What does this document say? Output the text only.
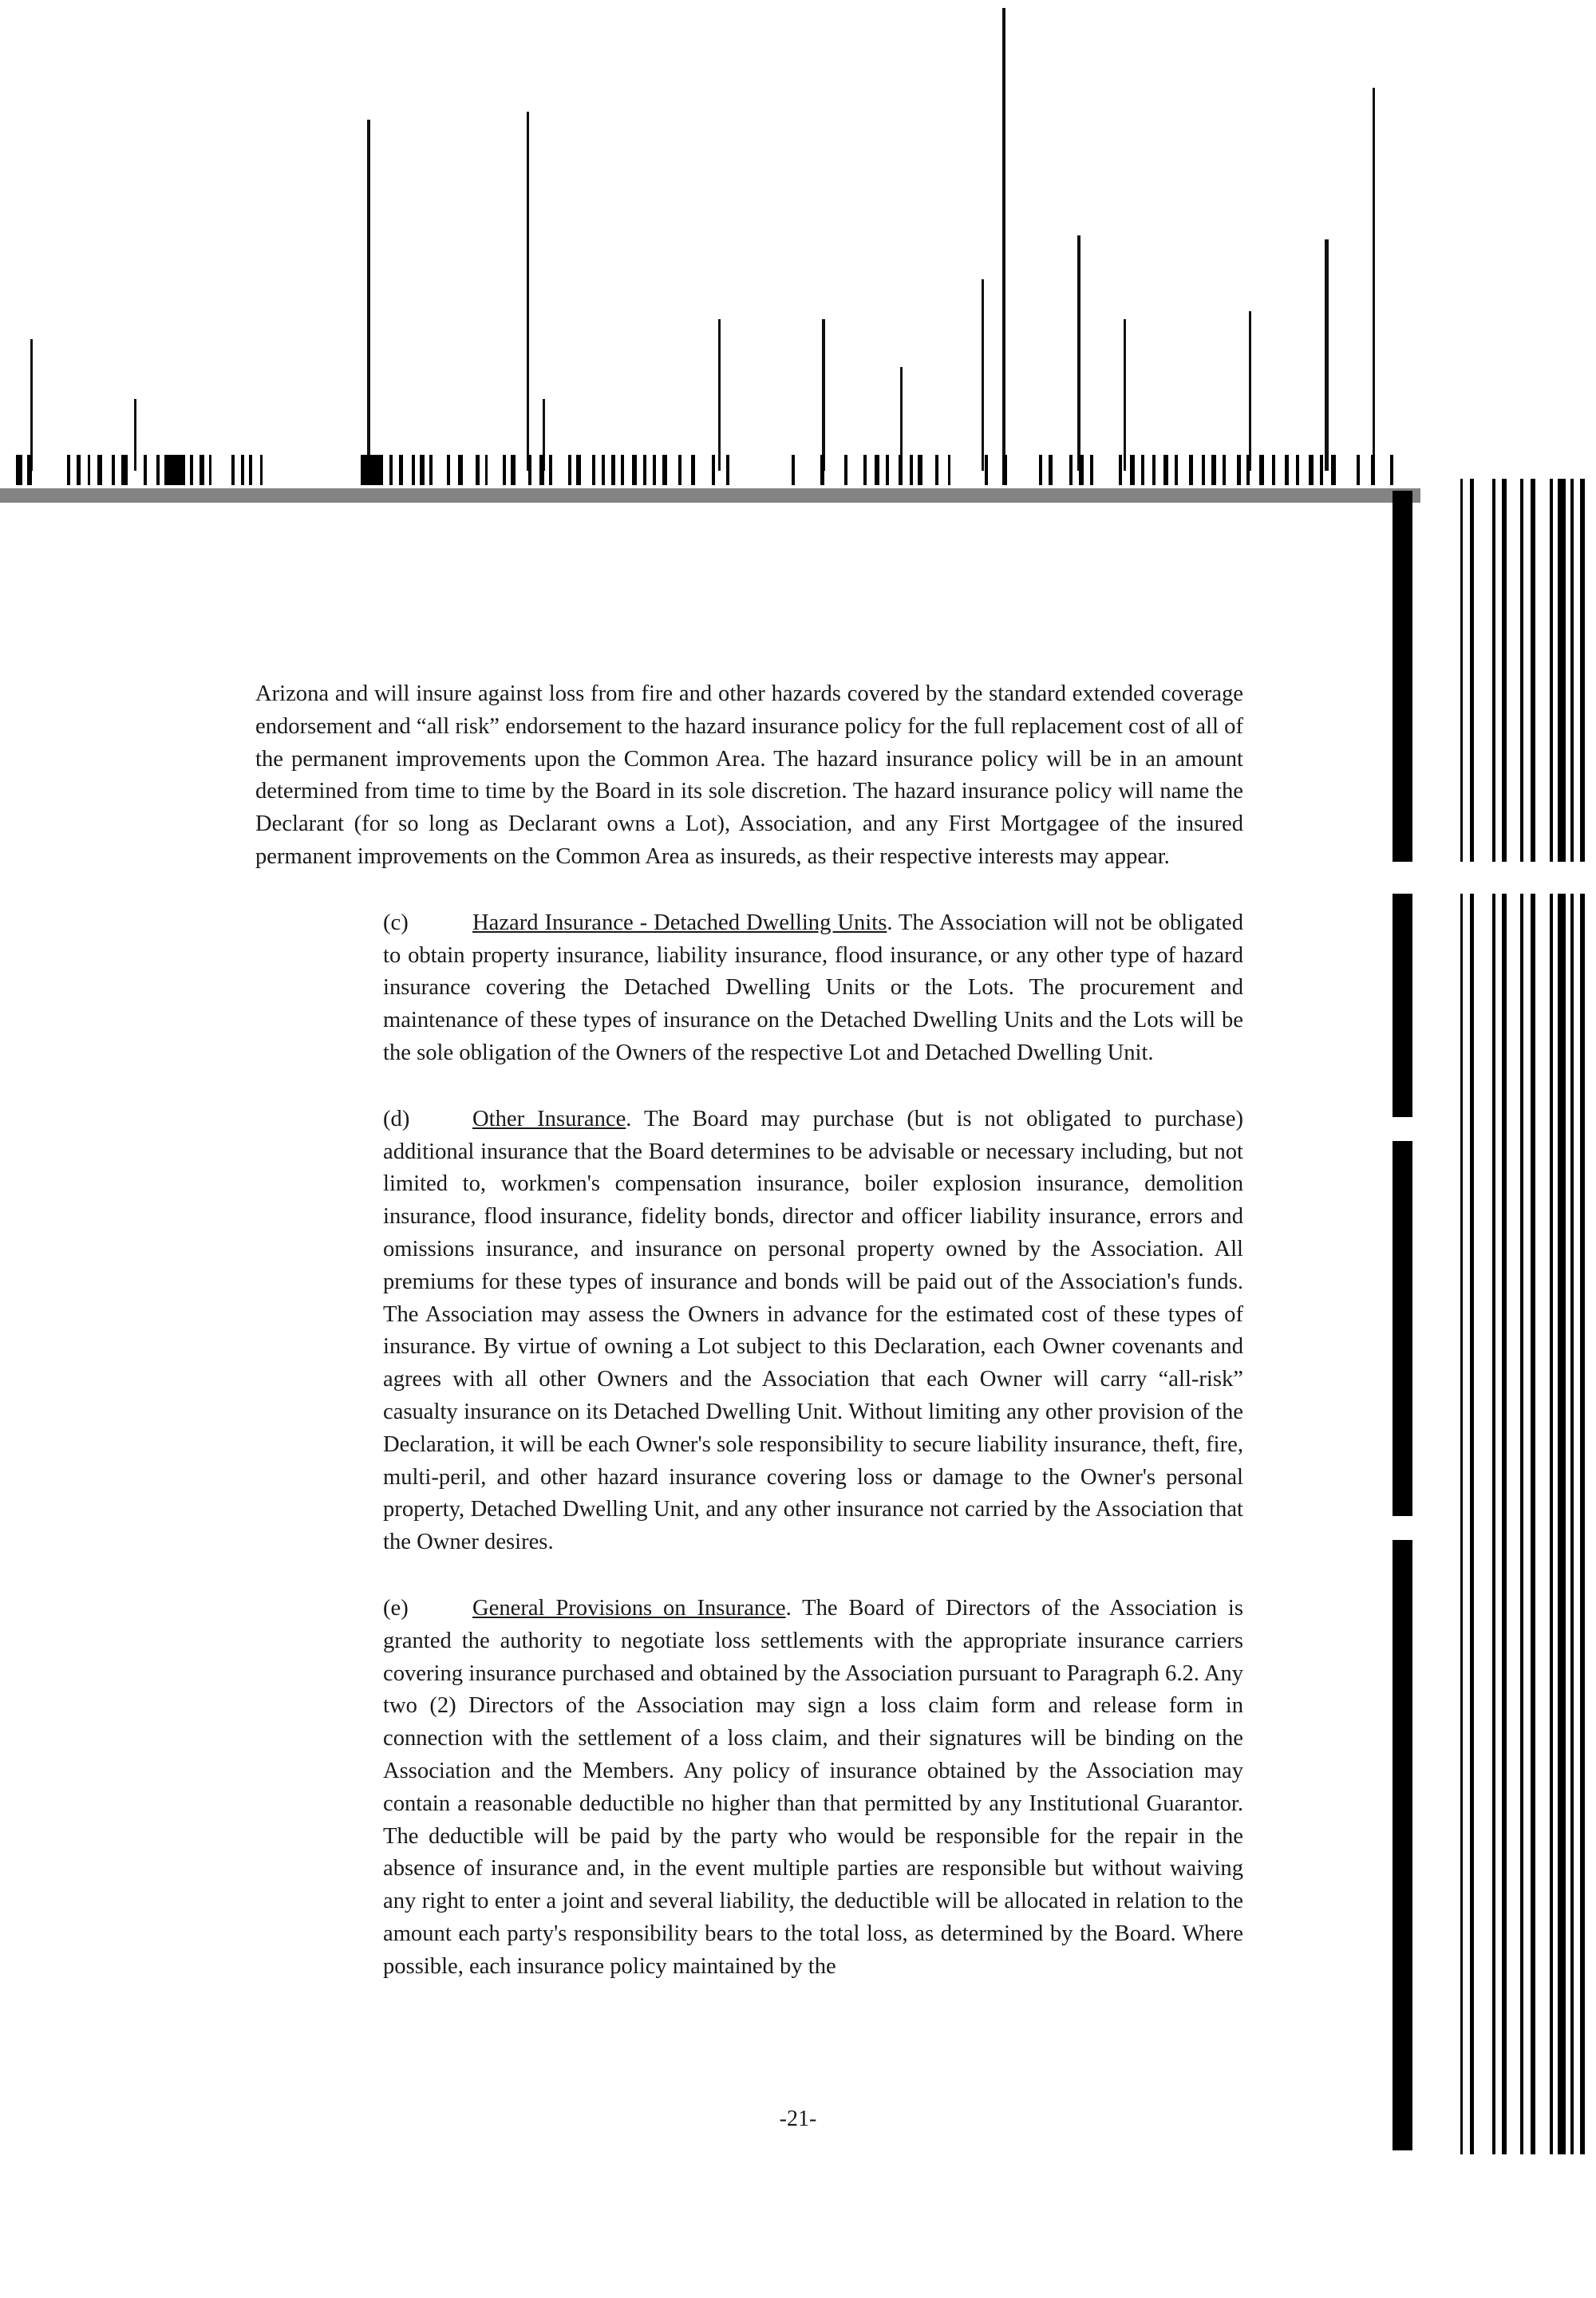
Arizona and will insure against loss from fire and other hazards covered by the standard extended coverage endorsement and “all risk” endorsement to the hazard insurance policy for the full replacement cost of all of the permanent improvements upon the Common Area. The hazard insurance policy will be in an amount determined from time to time by the Board in its sole discretion. The hazard insurance policy will name the Declarant (for so long as Declarant owns a Lot), Association, and any First Mortgagee of the insured permanent improvements on the Common Area as insureds, as their respective interests may appear.

(c)	Hazard Insurance - Detached Dwelling Units. The Association will not be obligated to obtain property insurance, liability insurance, flood insurance, or any other type of hazard insurance covering the Detached Dwelling Units or the Lots. The procurement and maintenance of these types of insurance on the Detached Dwelling Units and the Lots will be the sole obligation of the Owners of the respective Lot and Detached Dwelling Unit.

(d)	Other Insurance. The Board may purchase (but is not obligated to purchase) additional insurance that the Board determines to be advisable or necessary including, but not limited to, workmen's compensation insurance, boiler explosion insurance, demolition insurance, flood insurance, fidelity bonds, director and officer liability insurance, errors and omissions insurance, and insurance on personal property owned by the Association. All premiums for these types of insurance and bonds will be paid out of the Association's funds. The Association may assess the Owners in advance for the estimated cost of these types of insurance. By virtue of owning a Lot subject to this Declaration, each Owner covenants and agrees with all other Owners and the Association that each Owner will carry “all-risk” casualty insurance on its Detached Dwelling Unit. Without limiting any other provision of the Declaration, it will be each Owner's sole responsibility to secure liability insurance, theft, fire, multi-peril, and other hazard insurance covering loss or damage to the Owner's personal property, Detached Dwelling Unit, and any other insurance not carried by the Association that the Owner desires.

(e)	General Provisions on Insurance. The Board of Directors of the Association is granted the authority to negotiate loss settlements with the appropriate insurance carriers covering insurance purchased and obtained by the Association pursuant to Paragraph 6.2. Any two (2) Directors of the Association may sign a loss claim form and release form in connection with the settlement of a loss claim, and their signatures will be binding on the Association and the Members. Any policy of insurance obtained by the Association may contain a reasonable deductible no higher than that permitted by any Institutional Guarantor. The deductible will be paid by the party who would be responsible for the repair in the absence of insurance and, in the event multiple parties are responsible but without waiving any right to enter a joint and several liability, the deductible will be allocated in relation to the amount each party's responsibility bears to the total loss, as determined by the Board. Where possible, each insurance policy maintained by the

-21-
